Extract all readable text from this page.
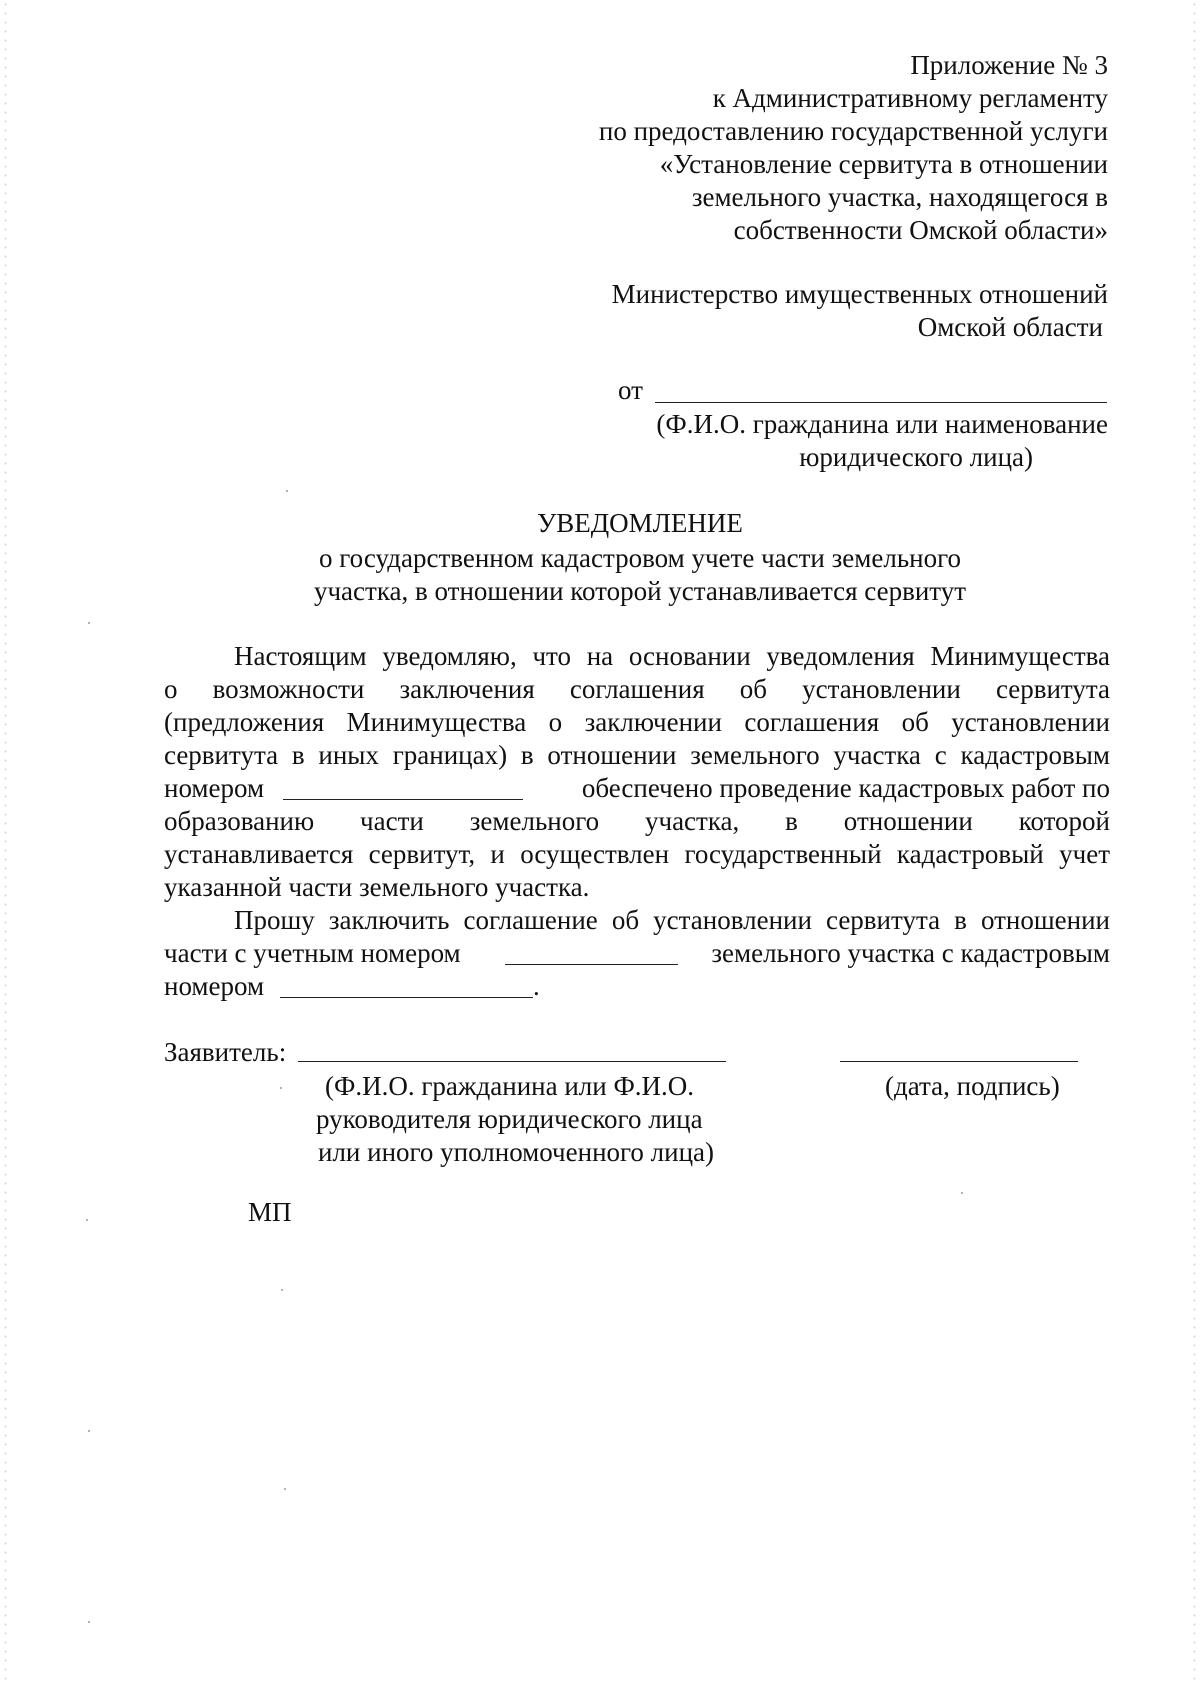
Приложение № 3
к Административному регламенту
по предоставлению государственной услуги
«Установление сервитута в отношении
земельного участка, находящегося в
собственности Омской области»
Министерство имущественных отношений
Омской области
от
(Ф.И.О. гражданина или наименование
юридического лица)
УВЕДОМЛЕНИЕ
о государственном кадастровом учете части земельного
участка, в отношении которой устанавливается сервитут
Настоящим уведомляю, что на основании уведомления Минимущества
о возможности заключения соглашения об установлении сервитута
(предложения Минимущества о заключении соглашения об установлении
сервитута в иных границах) в отношении земельного участка с кадастровым
номером	обеспечено проведение кадастровых работ по
образованию части земельного участка, в отношении которой
устанавливается сервитут, и осуществлен государственный кадастровый учет
указанной части земельного участка.
Прошу заключить соглашение об установлении сервитута в отношении
части с учетным номером	земельного участка с кадастровым
номером	.
Заявитель:
(Ф.И.О. гражданина или Ф.И.О.
руководителя юридического лица
или иного уполномоченного лица)
(дата, подпись)
МП
